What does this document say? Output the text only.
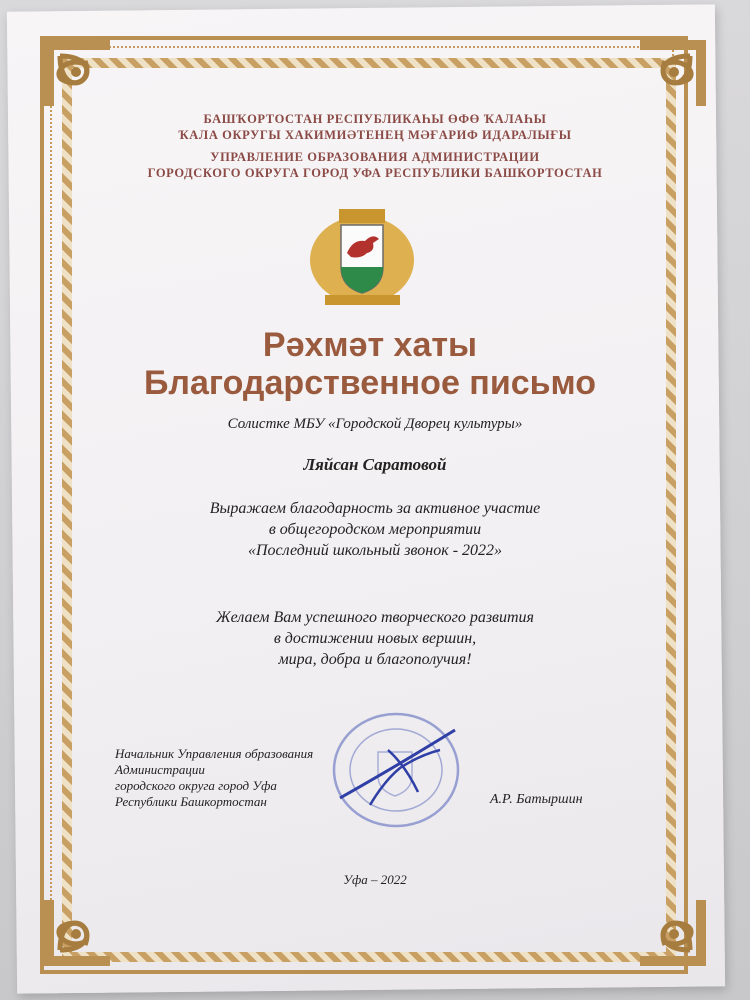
БАШҠОРТОСТАН РЕСПУБЛИКАҺЫ ӨФӨ ҠАЛАҺЫ
ҠАЛА ОКРУГЫ ХАКИМИӘТЕНЕҢ МӘҒАРИФ ИДАРАЛЫҒЫ
УПРАВЛЕНИЕ ОБРАЗОВАНИЯ АДМИНИСТРАЦИИ
ГОРОДСКОГО ОКРУГА ГОРОД УФА РЕСПУБЛИКИ БАШКОРТОСТАН
Рәхмәт хаты
Благодарственное письмо
Солистке МБУ «Городской Дворец культуры»
Ляйсан Саратовой
Выражаем благодарность за активное участие
в общегородском мероприятии
«Последний школьный звонок - 2022»
Желаем Вам успешного творческого развития
в достижении новых вершин,
мира, добра и благополучия!
Начальник Управления образования
Администрации
городского округа город Уфа
Республики Башкортостан	А.Р. Батыршин
Уфа – 2022
